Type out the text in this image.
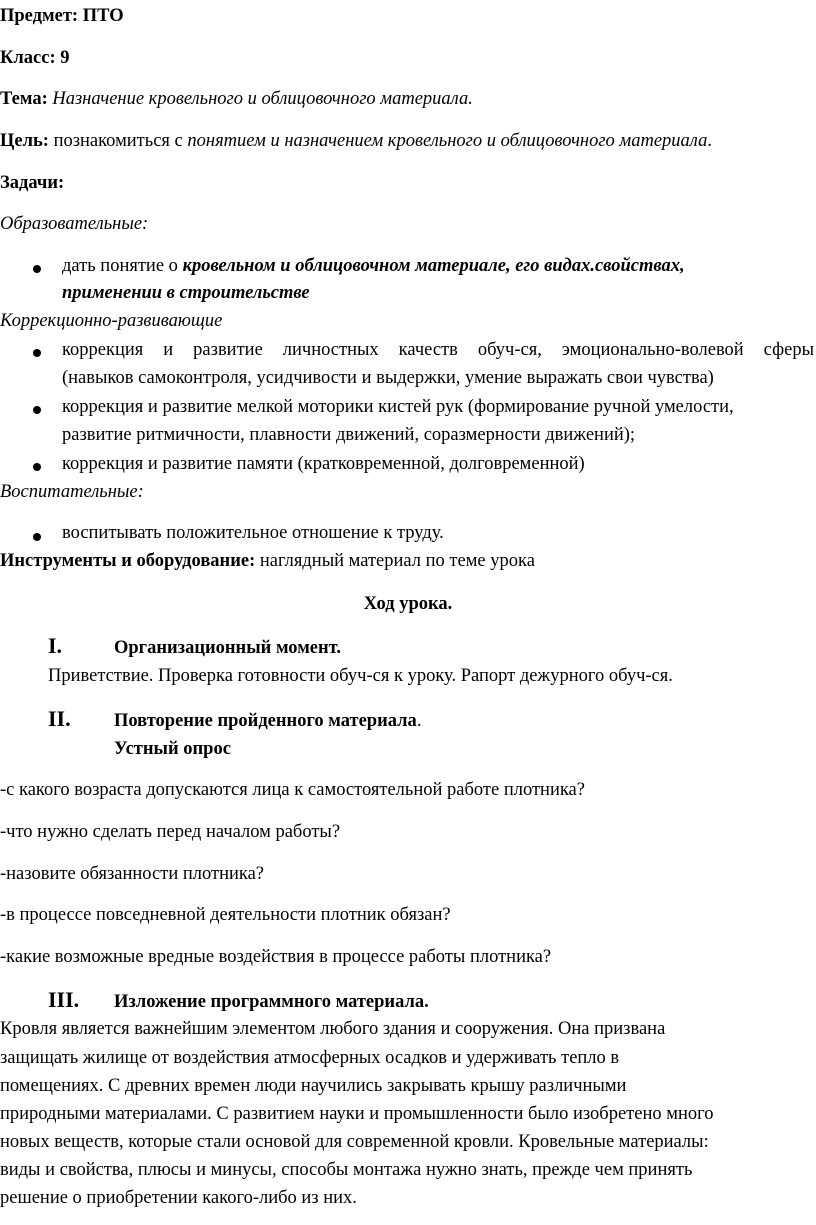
Предмет: ПТО
Класс: 9
Тема: Назначение кровельного и облицовочного материала.
Цель: познакомиться с понятием и назначением кровельного и облицовочного материала.
Задачи:
Образовательные:
дать понятие о кровельном и облицовочном материале, его видах.свойствах,
применении в строительстве
Коррекционно-развивающие
коррекция и развитие личностных качеств обуч-ся, эмоционально-волевой сферы
(навыков самоконтроля, усидчивости и выдержки, умение выражать свои чувства)
коррекция и развитие мелкой моторики кистей рук (формирование ручной умелости,
развитие ритмичности, плавности движений, соразмерности движений);
коррекция и развитие памяти (кратковременной, долговременной)
Воспитательные:
воспитывать положительное отношение к труду.
Инструменты и оборудование: наглядный материал по теме урока
Ход урока.
I.	Организационный момент.
Приветствие. Проверка готовности обуч-ся к уроку. Рапорт дежурного обуч-ся.
II. Повторение пройденного материала.
Устный опрос
-с какого возраста допускаются лица к самостоятельной работе плотника?
-что нужно сделать перед началом работы?
-назовите обязанности плотника?
-в процессе повседневной деятельности плотник обязан?
-какие возможные вредные воздействия в процессе работы плотника?
III. Изложение программного материала.
Кровля является важнейшим элементом любого здания и сооружения. Она призвана
защищать жилище от воздействия атмосферных осадков и удерживать тепло в
помещениях. С древних времен люди научились закрывать крышу различными
природными материалами. С развитием науки и промышленности было изобретено много
новых веществ, которые стали основой для современной кровли. Кровельные материалы:
виды и свойства, плюсы и минусы, способы монтажа нужно знать, прежде чем принять
решение о приобретении какого-либо из них.
